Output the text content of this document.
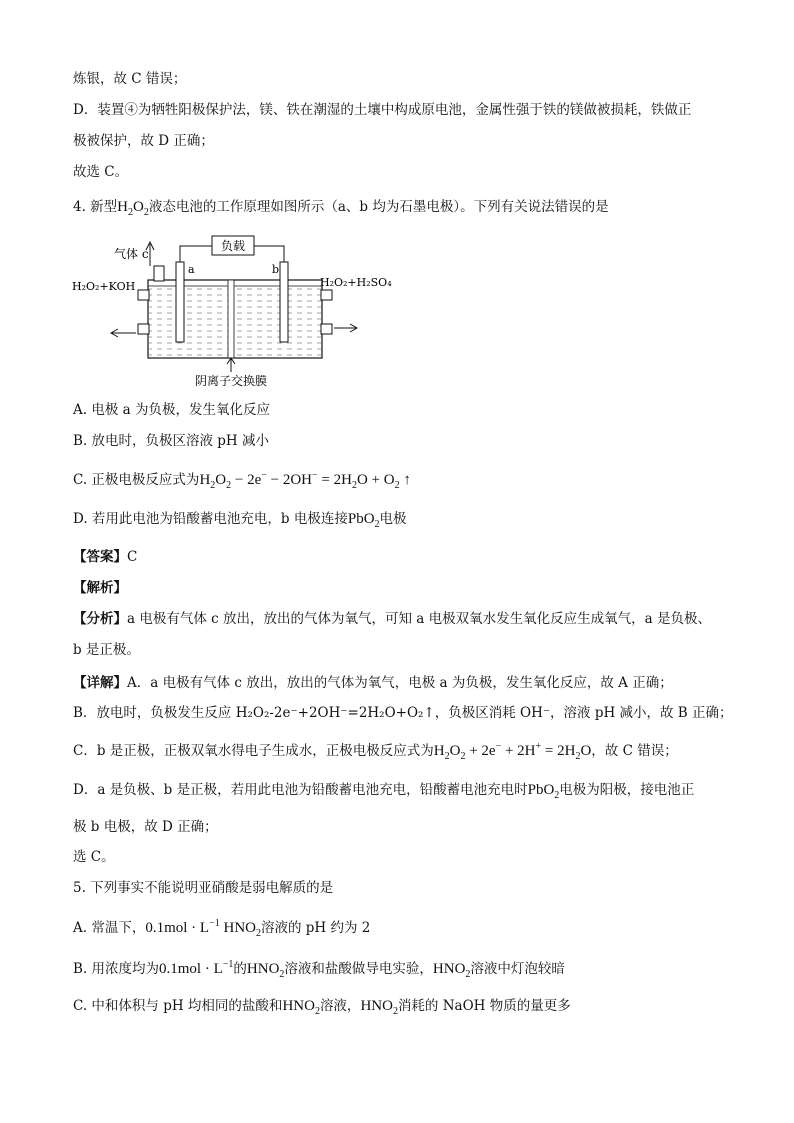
炼银，故 C 错误；
D．装置④为牺牲阳极保护法，镁、铁在潮湿的土壤中构成原电池，金属性强于铁的镁做被损耗，铁做正
极被保护，故 D 正确；
故选 C。
4. 新型$H_2O_2$液态电池的工作原理如图所示（a、b 均为石墨电极）。下列有关说法错误的是
负载
气体 c
a	b
H₂O₂+KOH	H₂O₂+H₂SO₄
阴离子交换膜
A. 电极 a 为负极，发生氧化反应
B. 放电时，负极区溶液 pH 减小
C. 正极电极反应式为$H_2O_2 - 2e^- - 2OH^- = 2H_2O + O_2$ ↑
D. 若用此电池为铅酸蓄电池充电，b 电极连接PbO$_2$电极
【答案】C
【解析】
【分析】a 电极有气体 c 放出，放出的气体为氧气，可知 a 电极双氧水发生氧化反应生成氧气，a 是负极、
b 是正极。
【详解】A．a 电极有气体 c 放出，放出的气体为氧气，电极 a 为负极，发生氧化反应，故 A 正确；
B．放电时，负极发生反应 H₂O₂-2e⁻+2OH⁻=2H₂O+O₂↑，负极区消耗 OH⁻，溶液 pH 减小，故 B 正确；
C．b 是正极，正极双氧水得电子生成水，正极电极反应式为$H_2O_2 + 2e^- + 2H^+ = 2H_2O$，故 C 错误；
D．a 是负极、b 是正极，若用此电池为铅酸蓄电池充电，铅酸蓄电池充电时PbO$_2$电极为阳极，接电池正
极 b 电极，故 D 正确；
选 C。
5. 下列事实不能说明亚硝酸是弱电解质的是
A. 常温下，$0.1mol \cdot L^{-1}$ $HNO_2$溶液的 pH 约为 2
B. 用浓度均为$0.1mol \cdot L^{-1}$的$HNO_2$溶液和盐酸做导电实验，$HNO_2$溶液中灯泡较暗
C. 中和体积与 pH 均相同的盐酸和$HNO_2$溶液，$HNO_2$消耗的 NaOH 物质的量更多
